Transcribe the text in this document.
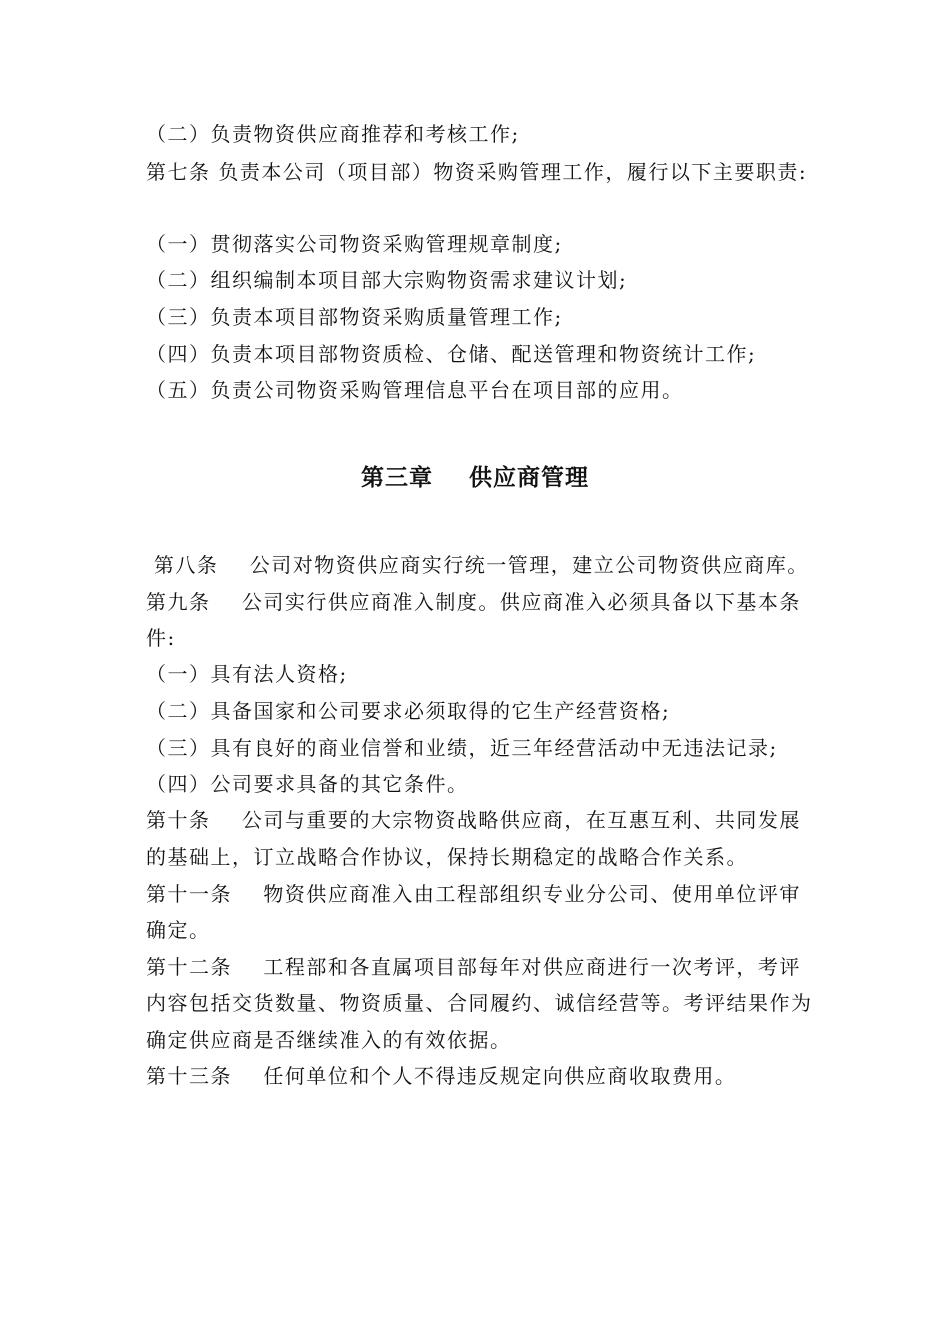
（二）负责物资供应商推荐和考核工作;
第七条 负责本公司（项目部）物资采购管理工作，履行以下主要职责:
（一）贯彻落实公司物资采购管理规章制度;
（二）组织编制本项目部大宗购物资需求建议计划;
（三）负责本项目部物资采购质量管理工作;
（四）负责本项目部物资质检、仓储、配送管理和物资统计工作;
（五）负责公司物资采购管理信息平台在项目部的应用。
第三章    供应商管理
第八条    公司对物资供应商实行统一管理，建立公司物资供应商库。
第九条    公司实行供应商准入制度。供应商准入必须具备以下基本条
件:
（一）具有法人资格;
（二）具备国家和公司要求必须取得的它生产经营资格;
（三）具有良好的商业信誉和业绩，近三年经营活动中无违法记录;
（四）公司要求具备的其它条件。
第十条    公司与重要的大宗物资战略供应商，在互惠互利、共同发展
的基础上，订立战略合作协议，保持长期稳定的战略合作关系。
第十一条    物资供应商准入由工程部组织专业分公司、使用单位评审
确定。
第十二条    工程部和各直属项目部每年对供应商进行一次考评，考评
内容包括交货数量、物资质量、合同履约、诚信经营等。考评结果作为
确定供应商是否继续准入的有效依据。
第十三条    任何单位和个人不得违反规定向供应商收取费用。
